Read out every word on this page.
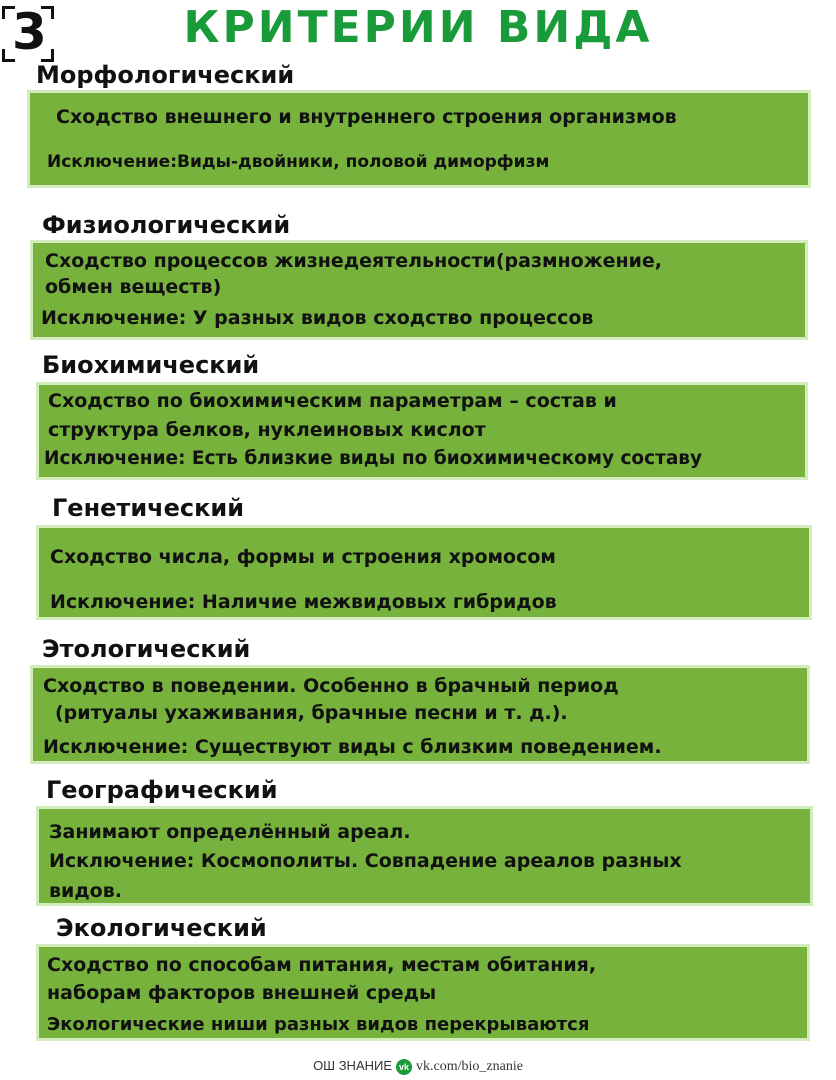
3	КРИТЕРИИ ВИДА
Морфологический
Сходство внешнего и внутреннего строения организмов
Исключение:Виды-двойники, половой диморфизм
Физиологический
Сходство процессов жизнедеятельности(размножение,
обмен веществ)
Исключение: У разных видов сходство процессов
Биохимический
Сходство по биохимическим параметрам – состав и
структура белков, нуклеиновых кислот
Исключение: Есть близкие виды по биохимическому составу
Генетический
Сходство числа, формы и строения хромосом
Исключение: Наличие межвидовых гибридов
Этологический
Сходство в поведении. Особенно в брачный период
(ритуалы ухаживания, брачные песни и т. д.).
Исключение: Существуют виды с близким поведением.
Географический
Занимают определённый ареал.
Исключение: Космополиты. Совпадение ареалов разных
видов.
Экологический
Сходство по способам питания, местам обитания,
наборам факторов внешней среды
Экологические ниши разных видов перекрываются
ОШ ЗНАНИЕ vk vk.com/bio_znanie
